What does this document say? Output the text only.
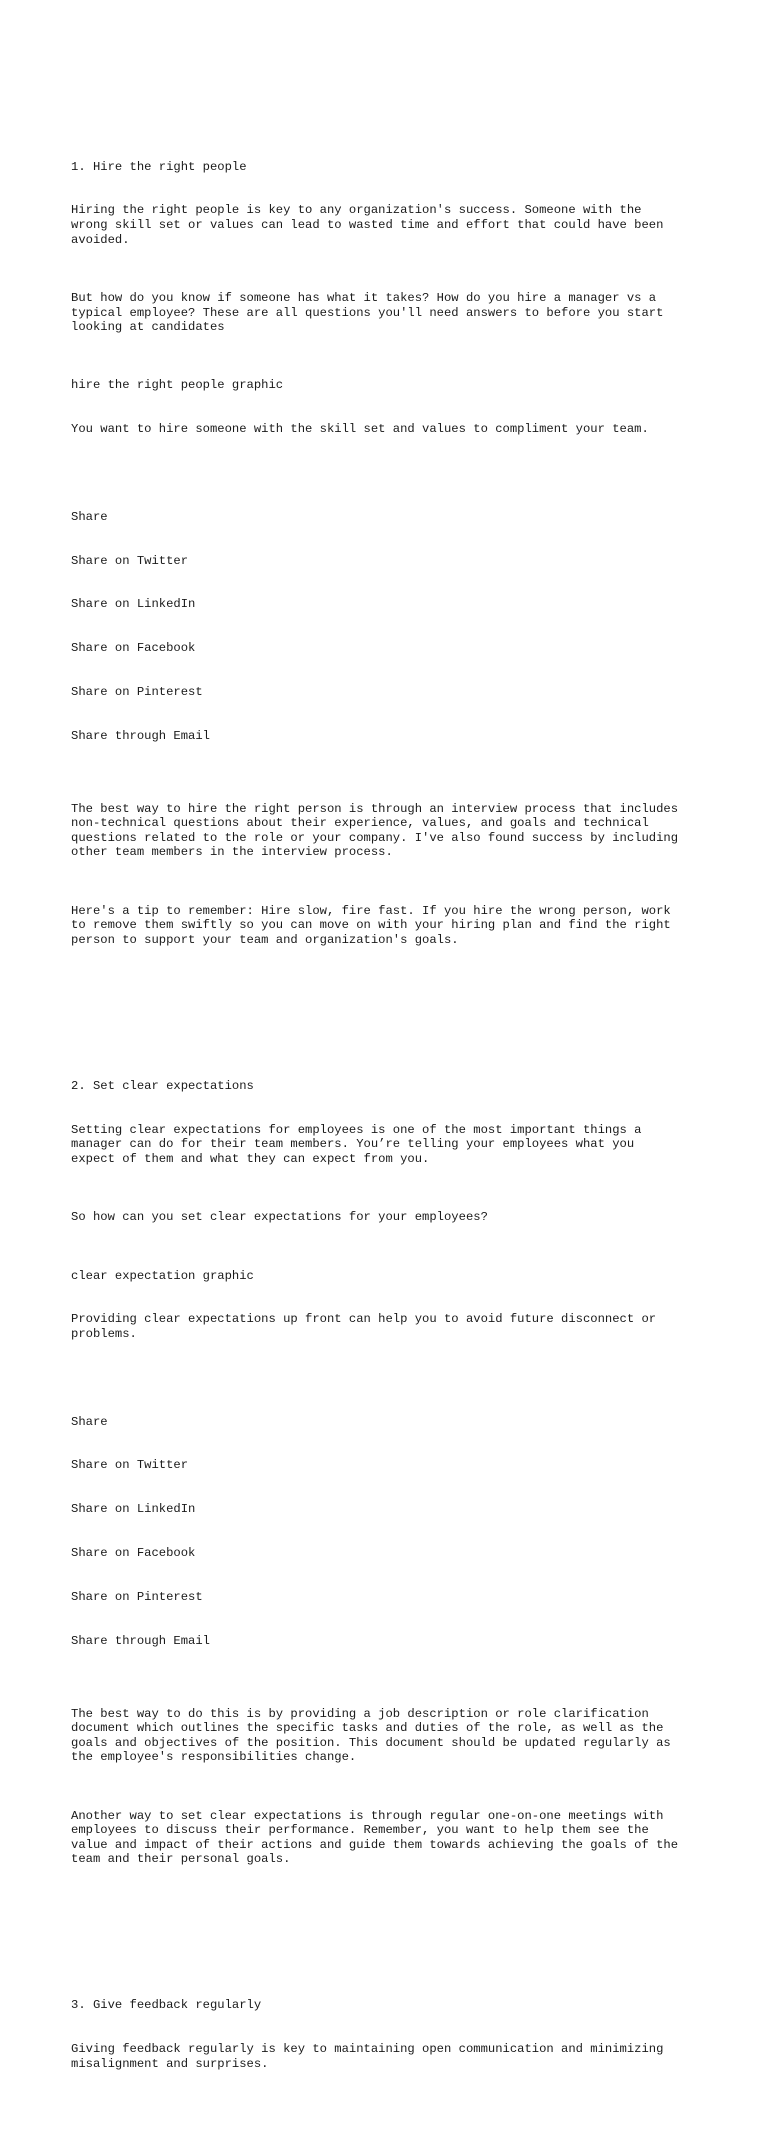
1. Hire the right people

Hiring the right people is key to any organization's success. Someone with the
wrong skill set or values can lead to wasted time and effort that could have been
avoided.

But how do you know if someone has what it takes? How do you hire a manager vs a
typical employee? These are all questions you'll need answers to before you start
looking at candidates

hire the right people graphic

You want to hire someone with the skill set and values to compliment your team.

Share

Share on Twitter

Share on LinkedIn

Share on Facebook

Share on Pinterest

Share through Email

The best way to hire the right person is through an interview process that includes
non-technical questions about their experience, values, and goals and technical
questions related to the role or your company. I've also found success by including
other team members in the interview process.

Here's a tip to remember: Hire slow, fire fast. If you hire the wrong person, work
to remove them swiftly so you can move on with your hiring plan and find the right
person to support your team and organization's goals.

2. Set clear expectations

Setting clear expectations for employees is one of the most important things a
manager can do for their team members. You’re telling your employees what you
expect of them and what they can expect from you.

So how can you set clear expectations for your employees?

clear expectation graphic

Providing clear expectations up front can help you to avoid future disconnect or
problems.

Share

Share on Twitter

Share on LinkedIn

Share on Facebook

Share on Pinterest

Share through Email

The best way to do this is by providing a job description or role clarification
document which outlines the specific tasks and duties of the role, as well as the
goals and objectives of the position. This document should be updated regularly as
the employee's responsibilities change.

Another way to set clear expectations is through regular one-on-one meetings with
employees to discuss their performance. Remember, you want to help them see the
value and impact of their actions and guide them towards achieving the goals of the
team and their personal goals.

3. Give feedback regularly

Giving feedback regularly is key to maintaining open communication and minimizing
misalignment and surprises.
